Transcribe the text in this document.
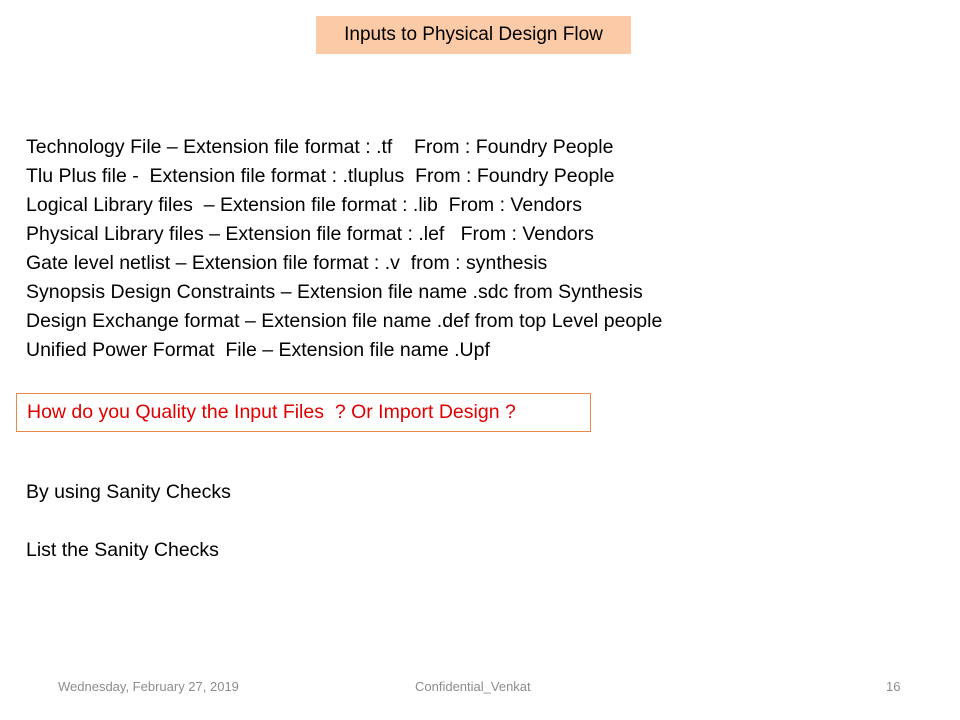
Inputs to Physical Design Flow
Technology File – Extension file format : .tf    From : Foundry People
Tlu Plus file -  Extension file format : .tluplus  From : Foundry People
Logical Library files  – Extension file format : .lib  From : Vendors
Physical Library files – Extension file format : .lef   From : Vendors
Gate level netlist – Extension file format : .v  from : synthesis
Synopsis Design Constraints – Extension file name .sdc from Synthesis
Design Exchange format – Extension file name .def from top Level people
Unified Power Format  File – Extension file name .Upf
How do you Quality the Input Files  ? Or Import Design ?
By using Sanity Checks
List the Sanity Checks
Wednesday, February 27, 2019	Confidential_Venkat	16
